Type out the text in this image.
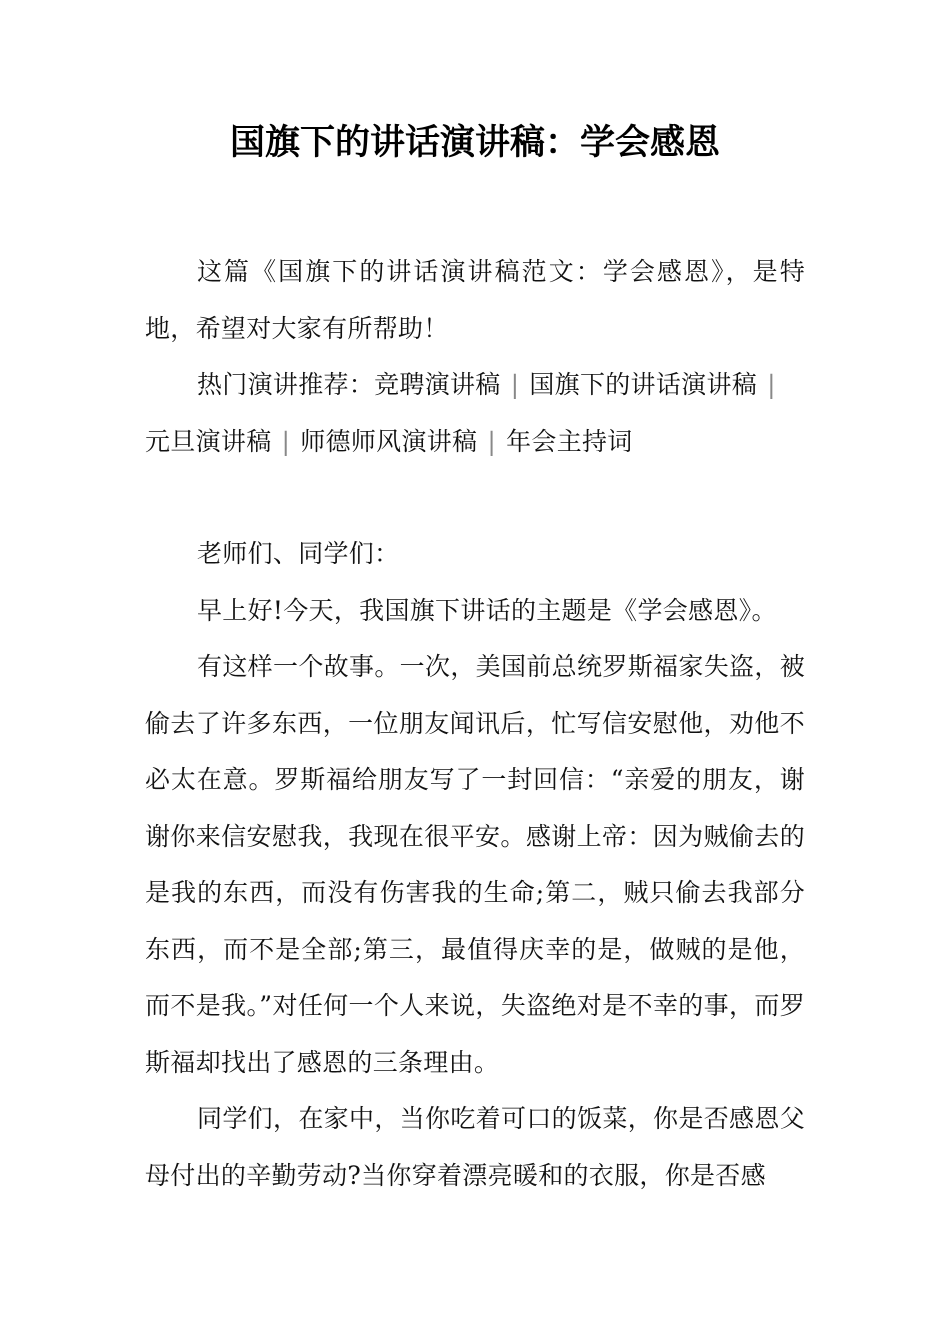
国旗下的讲话演讲稿：学会感恩

这篇《国旗下的讲话演讲稿范文：学会感恩》，是特地，希望对大家有所帮助！

热门演讲推荐：竞聘演讲稿 | 国旗下的讲话演讲稿 |元旦演讲稿 | 师德师风演讲稿 | 年会主持词

老师们、同学们：

早上好!今天，我国旗下讲话的主题是《学会感恩》。

有这样一个故事。一次，美国前总统罗斯福家失盗，被偷去了许多东西，一位朋友闻讯后，忙写信安慰他，劝他不必太在意。罗斯福给朋友写了一封回信：“亲爱的朋友，谢谢你来信安慰我，我现在很平安。感谢上帝：因为贼偷去的是我的东西，而没有伤害我的生命;第二，贼只偷去我部分东西，而不是全部;第三，最值得庆幸的是，做贼的是他，而不是我。”对任何一个人来说，失盗绝对是不幸的事，而罗斯福却找出了感恩的三条理由。

同学们，在家中，当你吃着可口的饭菜，你是否感恩父母付出的辛勤劳动?当你穿着漂亮暖和的衣服，你是否感
